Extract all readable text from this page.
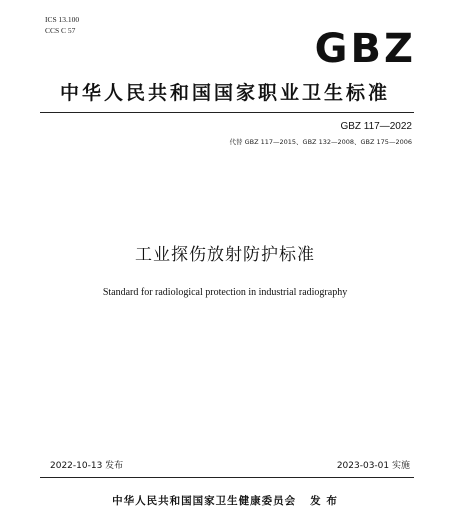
ICS 13.100
CCS C 57	GBZ
中华人民共和国国家职业卫生标准
GBZ 117—2022
代替 GBZ 117—2015、GBZ 132—2008、GBZ 175—2006
工业探伤放射防护标准
Standard for radiological protection in industrial radiography
2022-10-13 发布	2023-03-01 实施
中华人民共和国国家卫生健康委员会 发 布
